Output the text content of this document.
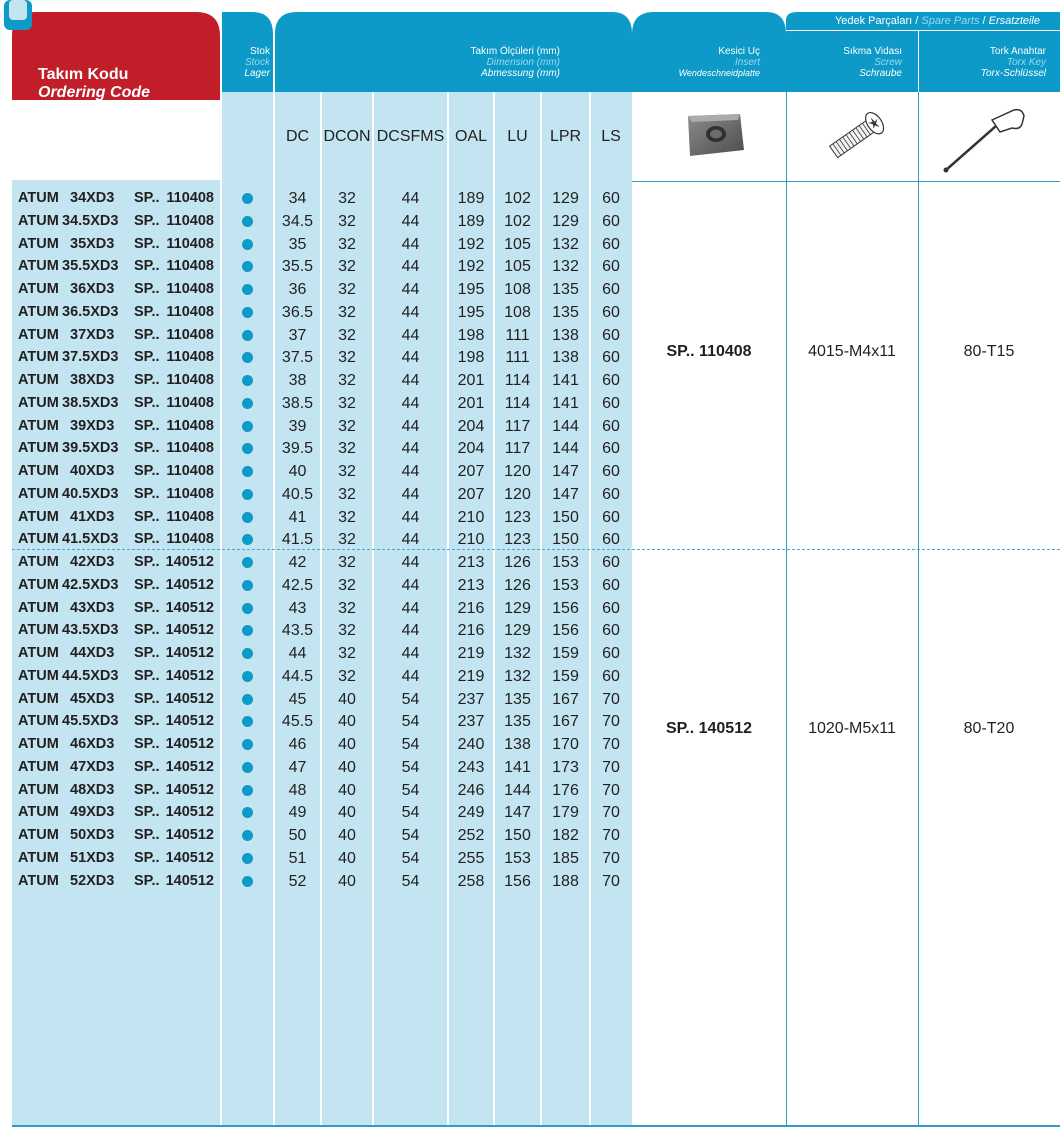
Takım Kodu
Ordering Code
Bestell-Bezeichnung
Stok
Stock
Lager
Takım Ölçüleri (mm)
Dimension (mm)
Abmessung (mm)
Kesici Uç
Insert
Wendeschneidplatte
Yedek Parçaları / Spare Parts / Ersatzteile
Sıkma Vidası
Screw
Schraube
Tork Anahtar
Torx Key
Torx-Schlüssel
DC DCON DCSFMS OAL	LU	LPR	LS
ATUM 34XD3 SP.. 110408	34	32	44	189	102	129	60
ATUM 34.5XD3 SP.. 110408	34.5	32	44	189	102	129	60
ATUM 35XD3 SP.. 110408	35	32	44	192	105	132	60
ATUM 35.5XD3 SP.. 110408	35.5	32	44	192	105	132	60
ATUM 36XD3 SP.. 110408	36	32	44	195	108	135	60
ATUM 36.5XD3 SP.. 110408	36.5	32	44	195	108	135	60
ATUM 37XD3 SP.. 110408	37	32	44	198	111	138	60
ATUM 37.5XD3 SP.. 110408	37.5	32	44	198	111	138	60
ATUM 38XD3 SP.. 110408	38	32	44	201	114	141	60
ATUM 38.5XD3 SP.. 110408	38.5	32	44	201	114	141	60
ATUM 39XD3 SP.. 110408	39	32	44	204	117	144	60
ATUM 39.5XD3 SP.. 110408	39.5	32	44	204	117	144	60
ATUM 40XD3 SP.. 110408	40	32	44	207	120	147	60
ATUM 40.5XD3 SP.. 110408	40.5	32	44	207	120	147	60
ATUM 41XD3 SP.. 110408	41	32	44	210	123	150	60
ATUM 41.5XD3 SP.. 110408	41.5	32	44	210	123	150	60
ATUM 42XD3 SP.. 140512	42	32	44	213	126	153	60
ATUM 42.5XD3 SP.. 140512	42.5	32	44	213	126	153	60
ATUM 43XD3 SP.. 140512	43	32	44	216	129	156	60
ATUM 43.5XD3 SP.. 140512	43.5	32	44	216	129	156	60
ATUM 44XD3 SP.. 140512	44	32	44	219	132	159	60
ATUM 44.5XD3 SP.. 140512	44.5	32	44	219	132	159	60
ATUM 45XD3 SP.. 140512	45	40	54	237	135	167	70
ATUM 45.5XD3 SP.. 140512	45.5	40	54	237	135	167	70
ATUM 46XD3 SP.. 140512	46	40	54	240	138	170	70
ATUM 47XD3 SP.. 140512	47	40	54	243	141	173	70
ATUM 48XD3 SP.. 140512	48	40	54	246	144	176	70
ATUM 49XD3 SP.. 140512	49	40	54	249	147	179	70
ATUM 50XD3 SP.. 140512	50	40	54	252	150	182	70
ATUM 51XD3 SP.. 140512	51	40	54	255	153	185	70
ATUM 52XD3 SP.. 140512	52	40	54	258	156	188	70
SP.. 110408	4015-M4x11	80-T15
SP.. 140512	1020-M5x11	80-T20
